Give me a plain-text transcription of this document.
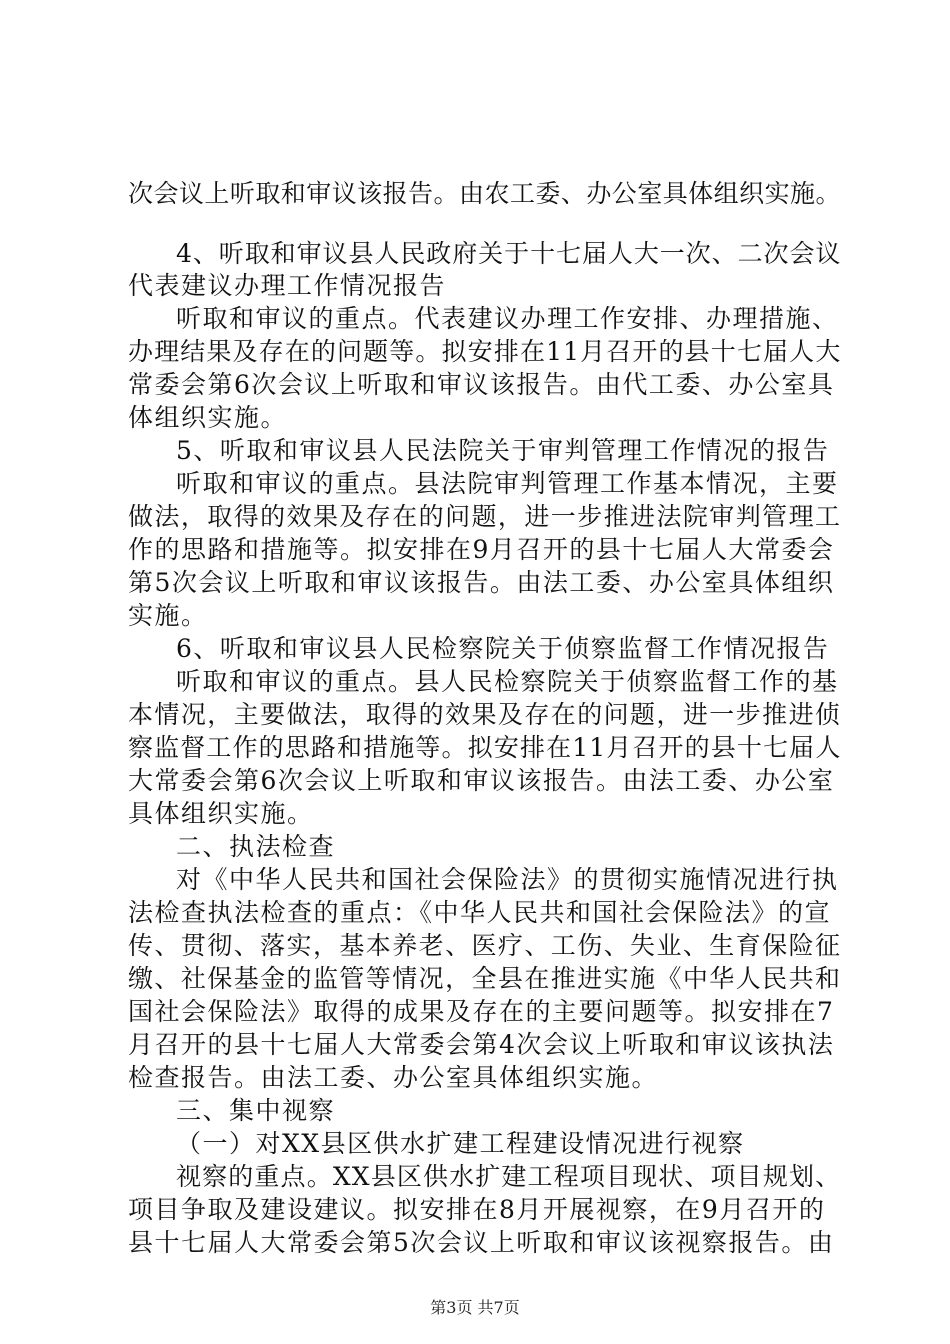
次会议上听取和审议该报告。由农工委、办公室具体组织实施。
4、听取和审议县人民政府关于十七届人大一次、二次会议
代表建议办理工作情况报告
听取和审议的重点。代表建议办理工作安排、办理措施、
办理结果及存在的问题等。拟安排在11月召开的县十七届人大
常委会第6次会议上听取和审议该报告。由代工委、办公室具
体组织实施。
5、听取和审议县人民法院关于审判管理工作情况的报告
听取和审议的重点。县法院审判管理工作基本情况，主要
做法，取得的效果及存在的问题，进一步推进法院审判管理工
作的思路和措施等。拟安排在9月召开的县十七届人大常委会
第5次会议上听取和审议该报告。由法工委、办公室具体组织
实施。
6、听取和审议县人民检察院关于侦察监督工作情况报告
听取和审议的重点。县人民检察院关于侦察监督工作的基
本情况，主要做法，取得的效果及存在的问题，进一步推进侦
察监督工作的思路和措施等。拟安排在11月召开的县十七届人
大常委会第6次会议上听取和审议该报告。由法工委、办公室
具体组织实施。
二、执法检查
对《中华人民共和国社会保险法》的贯彻实施情况进行执
法检查执法检查的重点：《中华人民共和国社会保险法》的宣
传、贯彻、落实，基本养老、医疗、工伤、失业、生育保险征
缴、社保基金的监管等情况，全县在推进实施《中华人民共和
国社会保险法》取得的成果及存在的主要问题等。拟安排在7
月召开的县十七届人大常委会第4次会议上听取和审议该执法
检查报告。由法工委、办公室具体组织实施。
三、集中视察
（一）对XX县区供水扩建工程建设情况进行视察
视察的重点。XX县区供水扩建工程项目现状、项目规划、
项目争取及建设建议。拟安排在8月开展视察，在9月召开的
县十七届人大常委会第5次会议上听取和审议该视察报告。由
第3页 共7页
